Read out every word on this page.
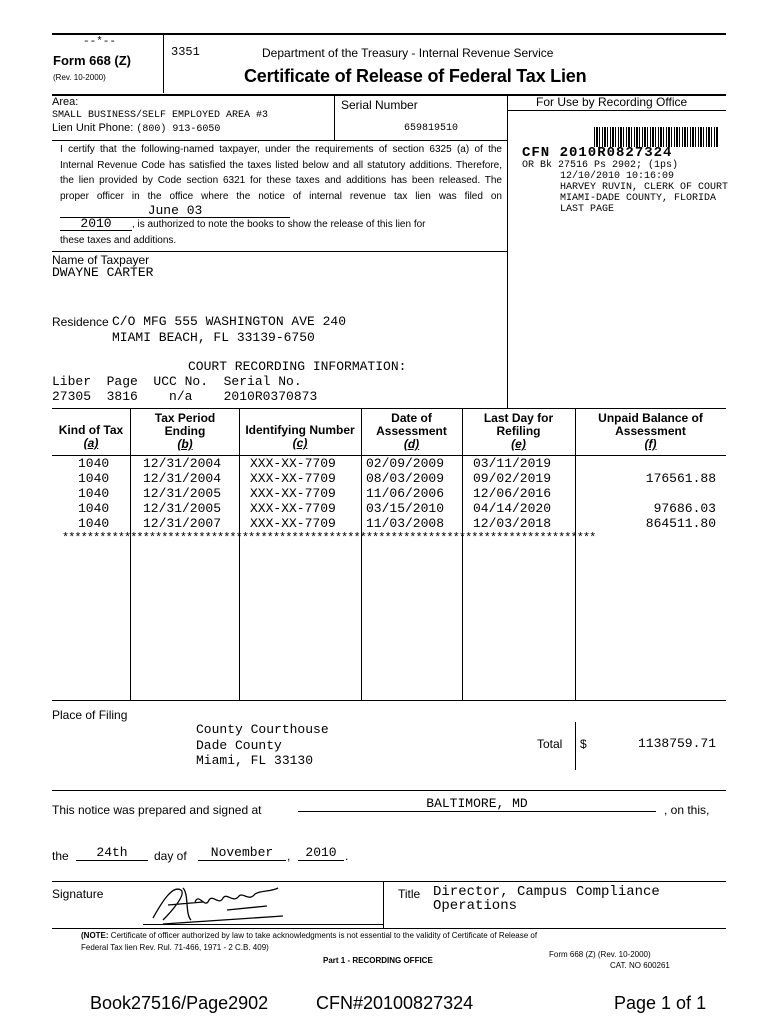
--*--
Form 668 (Z)
(Rev. 10-2000)
3351	Department of the Treasury - Internal Revenue Service
Certificate of Release of Federal Tax Lien
Area:
SMALL BUSINESS/SELF EMPLOYED AREA #3
Lien Unit Phone: (800) 913-6050
Serial Number
659819510
For Use by Recording Office
CFN 2010R0827324
OR Bk 27516 Ps 2902; (1ps)
12/10/2010 10:16:09
HARVEY RUVIN, CLERK OF COURT
MIAMI-DADE COUNTY, FLORIDA
LAST PAGE
I certify that the following-named taxpayer, under the requirements of section 6325 (a) of the Internal Revenue Code has satisfied the taxes listed below and all statutory additions. Therefore, the lien provided by Code section 6321 for these taxes and additions has been released. The proper officer in the office where the notice of internal revenue tax lien was filed on June 03
2010 , is authorized to note the books to show the release of this lien for
these taxes and additions.
Name of Taxpayer
DWAYNE CARTER
Residence C/O MFG 555 WASHINGTON AVE 240
MIAMI BEACH, FL 33139-6750
COURT RECORDING INFORMATION:
Liber  Page  UCC No.  Serial No.
27305  3816    n/a    2010R0370873
Kind of Tax
(a)
Tax Period Ending
(b)
Identifying Number
(c)
Date of Assessment
(d)
Last Day for Refiling
(e)
Unpaid Balance of Assessment
(f)
1040	12/31/2004 XXX-XX-7709 02/09/2009 03/11/2019
1040	12/31/2004 XXX-XX-7709 08/03/2009 09/02/2019	176561.88
1040	12/31/2005 XXX-XX-7709 11/06/2006 12/06/2016
1040	12/31/2005 XXX-XX-7709 03/15/2010 04/14/2020	97686.03
1040	12/31/2007 XXX-XX-7709 11/03/2008 12/03/2018	864511.80
**************************************************************************************
Place of Filing
County Courthouse
Dade County
Miami, FL 33130
Total $	1138759.71
This notice was prepared and signed at	BALTIMORE, MD	, on this,
the	24th	day of	November	,	2010 .
Signature	Title Director, Campus Compliance
Operations
(NOTE: Certificate of officer authorized by law to take acknowledgments is not essential to the validity of Certificate of Release of
Federal Tax lien Rev. Rul. 71-466, 1971 - 2 C.B. 409)
Part 1 - RECORDING OFFICE
Form 668 (Z) (Rev. 10-2000)
CAT. NO 600261
Book27516/Page2902	CFN#20100827324	Page 1 of 1
